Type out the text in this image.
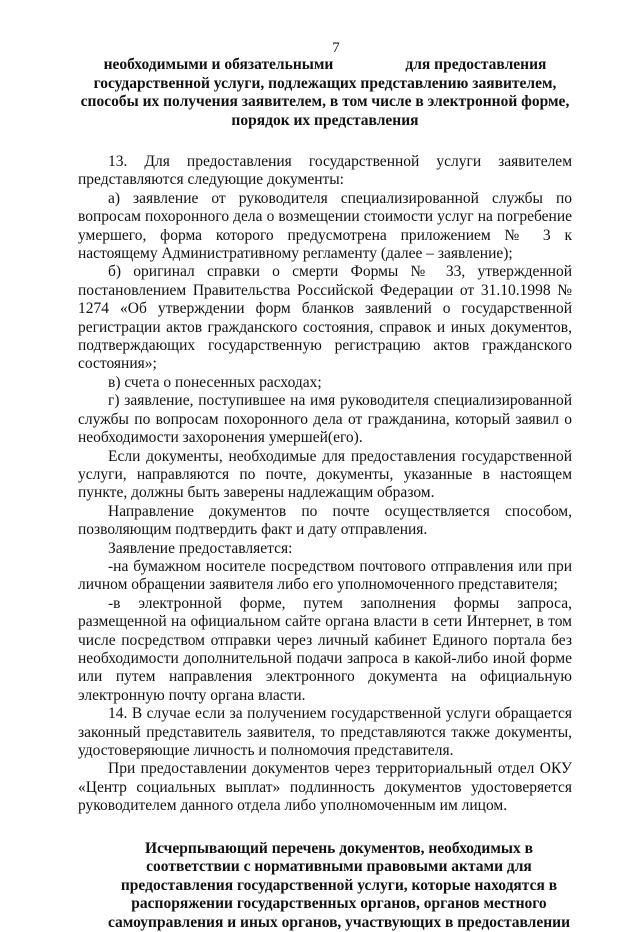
7
необходимыми и обязательными	для предоставления
государственной услуги, подлежащих представлению заявителем,
способы их получения заявителем, в том числе в электронной форме,
порядок их представления

13. Для предоставления государственной услуги заявителем представляются следующие документы:

а) заявление от руководителя специализированной службы по вопросам похоронного дела о возмещении стоимости услуг на погребение умершего, форма которого предусмотрена приложением № 3 к настоящему Административному регламенту (далее – заявление);

б) оригинал справки о смерти Формы № 33, утвержденной постановлением Правительства Российской Федерации от 31.10.1998 № 1274 «Об утверждении форм бланков заявлений о государственной регистрации актов гражданского состояния, справок и иных документов, подтверждающих государственную регистрацию актов гражданского состояния»;

в) счета о понесенных расходах;

г) заявление, поступившее на имя руководителя специализированной службы по вопросам похоронного дела от гражданина, который заявил о необходимости захоронения умершей(его).

Если документы, необходимые для предоставления государственной услуги, направляются по почте, документы, указанные в настоящем пункте, должны быть заверены надлежащим образом.

Направление документов по почте осуществляется способом, позволяющим подтвердить факт и дату отправления.

Заявление предоставляется:

-на бумажном носителе посредством почтового отправления или при личном обращении заявителя либо его уполномоченного представителя;

-в электронной форме, путем заполнения формы запроса, размещенной на официальном сайте органа власти в сети Интернет, в том числе посредством отправки через личный кабинет Единого портала без необходимости дополнительной подачи запроса в какой-либо иной форме или путем направления электронного документа на официальную электронную почту органа власти.

14. В случае если за получением государственной услуги обращается законный представитель заявителя, то представляются также документы, удостоверяющие личность и полномочия представителя.

При предоставлении документов через территориальный отдел ОКУ «Центр социальных выплат» подлинность документов удостоверяется руководителем данного отдела либо уполномоченным им лицом.

Исчерпывающий перечень документов, необходимых в
соответствии с нормативными правовыми актами для
предоставления государственной услуги, которые находятся в
распоряжении государственных органов, органов местного
самоуправления и иных органов, участвующих в предоставлении
